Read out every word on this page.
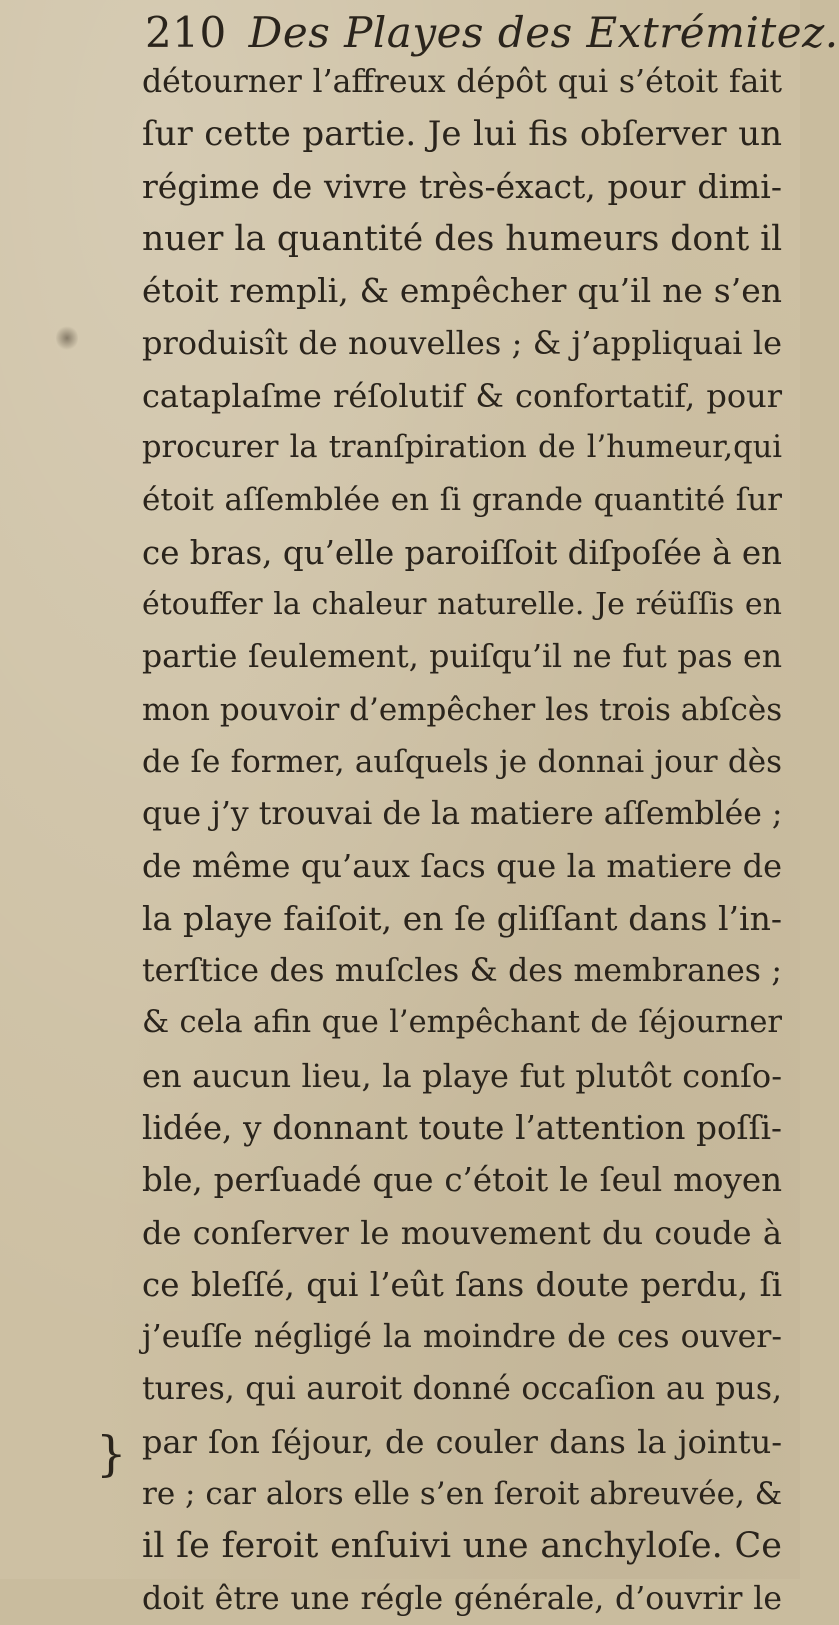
210 Des Playes des Extrémitez.
détourner l’affreux dépôt qui s’étoit fait
ſur cette partie. Je lui fis obſerver un
régime de vivre très-éxact, pour dimi-
nuer la quantité des humeurs dont il
étoit rempli, & empêcher qu’il ne s’en
produisît de nouvelles ; & j’appliquai le
cataplaſme réſolutif & confortatif, pour
procurer la tranſpiration de l’humeur,qui
étoit aſſemblée en ſi grande quantité ſur
ce bras, qu’elle paroiſſoit diſpoſée à en
étouffer la chaleur naturelle. Je réüſſis en
partie ſeulement, puiſqu’il ne fut pas en
mon pouvoir d’empêcher les trois abſcès
de ſe former, auſquels je donnai jour dès
que j’y trouvai de la matiere aſſemblée ;
de même qu’aux ſacs que la matiere de
la playe faiſoit, en ſe gliſſant dans l’in-
terſtice des muſcles & des membranes ;
& cela afin que l’empêchant de ſéjourner
en aucun lieu, la playe fut plutôt conſo-
lidée, y donnant toute l’attention poſſi-
ble, perſuadé que c’étoit le ſeul moyen
de conſerver le mouvement du coude à
ce bleſſé, qui l’eût ſans doute perdu, ſi
j’euſſe négligé la moindre de ces ouver-
tures, qui auroit donné occaſion au pus,
par ſon ſéjour, de couler dans la jointu-
re ; car alors elle s’en ſeroit abreuvée, &
il ſe feroit enſuivi une anchyloſe. Ce
doit être une régle générale, d’ouvrir le
}
